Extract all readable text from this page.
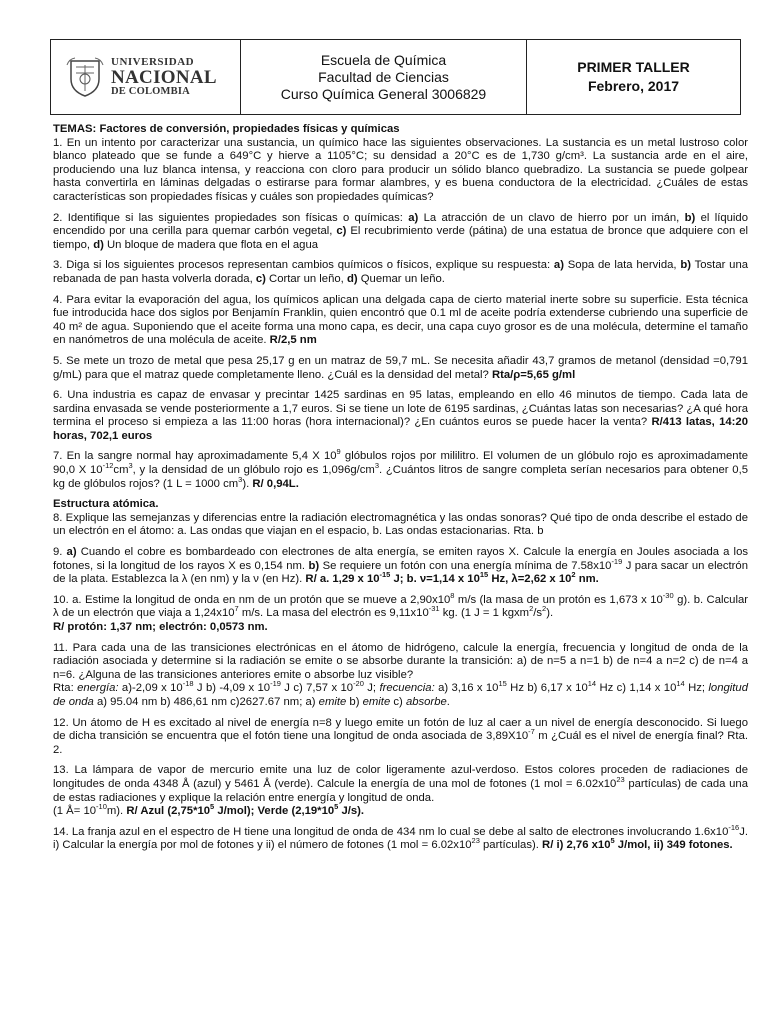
UNIVERSIDAD
NACIONAL
DE COLOMBIA
Escuela de Química
Facultad de Ciencias
Curso Química General 3006829
PRIMER TALLER
Febrero, 2017

TEMAS: Factores de conversión, propiedades físicas y químicas

1. En un intento por caracterizar una sustancia, un químico hace las siguientes observaciones. La sustancia es un metal lustroso color blanco plateado que se funde a 649°C y hierve a 1105°C; su densidad a 20°C es de 1,730 g/cm³. La sustancia arde en el aire, produciendo una luz blanca intensa, y reacciona con cloro para producir un sólido blanco quebradizo. La sustancia se puede golpear hasta convertirla en láminas delgadas o estirarse para formar alambres, y es buena conductora de la electricidad. ¿Cuáles de estas características son propiedades físicas y cuáles son propiedades químicas?

2. Identifique si las siguientes propiedades son físicas o químicas: a) La atracción de un clavo de hierro por un imán, b) el líquido encendido por una cerilla para quemar carbón vegetal, c) El recubrimiento verde (pátina) de una estatua de bronce que adquiere con el tiempo, d) Un bloque de madera que flota en el agua

3. Diga si los siguientes procesos representan cambios químicos o físicos, explique su respuesta: a) Sopa de lata hervida, b) Tostar una rebanada de pan hasta volverla dorada, c) Cortar un leño, d) Quemar un leño.

4. Para evitar la evaporación del agua, los químicos aplican una delgada capa de cierto material inerte sobre su superficie. Esta técnica fue introducida hace dos siglos por Benjamín Franklin, quien encontró que 0.1 ml de aceite podría extenderse cubriendo una superficie de 40 m² de agua. Suponiendo que el aceite forma una mono capa, es decir, una capa cuyo grosor es de una molécula, determine el tamaño en nanómetros de una molécula de aceite. R/2,5 nm

5. Se mete un trozo de metal que pesa 25,17 g en un matraz de 59,7 mL. Se necesita añadir 43,7 gramos de metanol (densidad =0,791 g/mL) para que el matraz quede completamente lleno. ¿Cuál es la densidad del metal? Rta/ρ=5,65 g/ml

6. Una industria es capaz de envasar y precintar 1425 sardinas en 95 latas, empleando en ello 46 minutos de tiempo. Cada lata de sardina envasada se vende posteriormente a 1,7 euros. Si se tiene un lote de 6195 sardinas, ¿Cuántas latas son necesarias? ¿A qué hora termina el proceso si empieza a las 11:00 horas (hora internacional)? ¿En cuántos euros se puede hacer la venta? R/413 latas, 14:20 horas, 702,1 euros

7. En la sangre normal hay aproximadamente 5,4 X $10^9$ glóbulos rojos por mililitro. El volumen de un glóbulo rojo es aproximadamente 90,0 X $10^{-12}cm^3$, y la densidad de un glóbulo rojo es $1,096g/cm^3$. ¿Cuántos litros de sangre completa serían necesarios para obtener 0,5 kg de glóbulos rojos? (1 L = 1000 $cm^3$). R/ 0,94L.

Estructura atómica.

8. Explique las semejanzas y diferencias entre la radiación electromagnética y las ondas sonoras? Qué tipo de onda describe el estado de un electrón en el átomo: a. Las ondas que viajan en el espacio, b. Las ondas estacionarias. Rta. b

9. a) Cuando el cobre es bombardeado con electrones de alta energía, se emiten rayos X. Calcule la energía en Joules asociada a los fotones, si la longitud de los rayos X es 0,154 nm. b) Se requiere un fotón con una energía mínima de $7.58x10^{-19}$ J para sacar un electrón de la plata. Establezca la λ (en nm) y la ν (en Hz). R/ a. 1,29 x $10^{-15}$ J; b. ν=1,14 x $10^{15}$ Hz, λ=2,62 x $10^2$ nm.

10. a. Estime la longitud de onda en nm de un protón que se mueve a $2,90x10^8$ m/s (la masa de un protón es 1,673 x $10^{-30}$ g). b. Calcular λ de un electrón que viaja a $1,24x10^7$ m/s. La masa del electrón es $9,11x10^{-31}$ kg. (1 J = 1 $kgxm^2/s^2$).
R/ protón: 1,37 nm; electrón: 0,0573 nm.

11. Para cada una de las transiciones electrónicas en el átomo de hidrógeno, calcule la energía, frecuencia y longitud de onda de la radiación asociada y determine si la radiación se emite o se absorbe durante la transición: a) de n=5 a n=1 b) de n=4 a n=2 c) de n=4 a n=6. ¿Alguna de las transiciones anteriores emite o absorbe luz visible?
Rta: energía: a)-2,09 x $10^{-18}$ J b) -4,09 x $10^{-19}$ J c) 7,57 x $10^{-20}$ J; frecuencia: a) 3,16 x $10^{15}$ Hz b) 6,17 x $10^{14}$ Hz c) 1,14 x $10^{14}$ Hz; longitud de onda a) 95.04 nm b) 486,61 nm c)2627.67 nm; a) emite b) emite c) absorbe.

12. Un átomo de H es excitado al nivel de energía n=8 y luego emite un fotón de luz al caer a un nivel de energía desconocido. Si luego de dicha transición se encuentra que el fotón tiene una longitud de onda asociada de $3,89X10^{-7}$ m ¿Cuál es el nivel de energía final? Rta. 2.

13. La lámpara de vapor de mercurio emite una luz de color ligeramente azul-verdoso. Estos colores proceden de radiaciones de longitudes de onda 4348 Å (azul) y 5461 Å (verde). Calcule la energía de una mol de fotones (1 mol = $6.02x10^{23}$ partículas) de cada una de estas radiaciones y explique la relación entre energía y longitud de onda.
(1 Å= $10^{-10}m$). R/ Azul ($2,75*10^5$ J/mol); Verde ($2,19*10^5$ J/s).

14. La franja azul en el espectro de H tiene una longitud de onda de 434 nm lo cual se debe al salto de electrones involucrando $1.6x10^{-16}J$. i) Calcular la energía por mol de fotones y ii) el número de fotones (1 mol = $6.02x10^{23}$ partículas). R/ i) 2,76 $x10^5$ J/mol, ii) 349 fotones.
